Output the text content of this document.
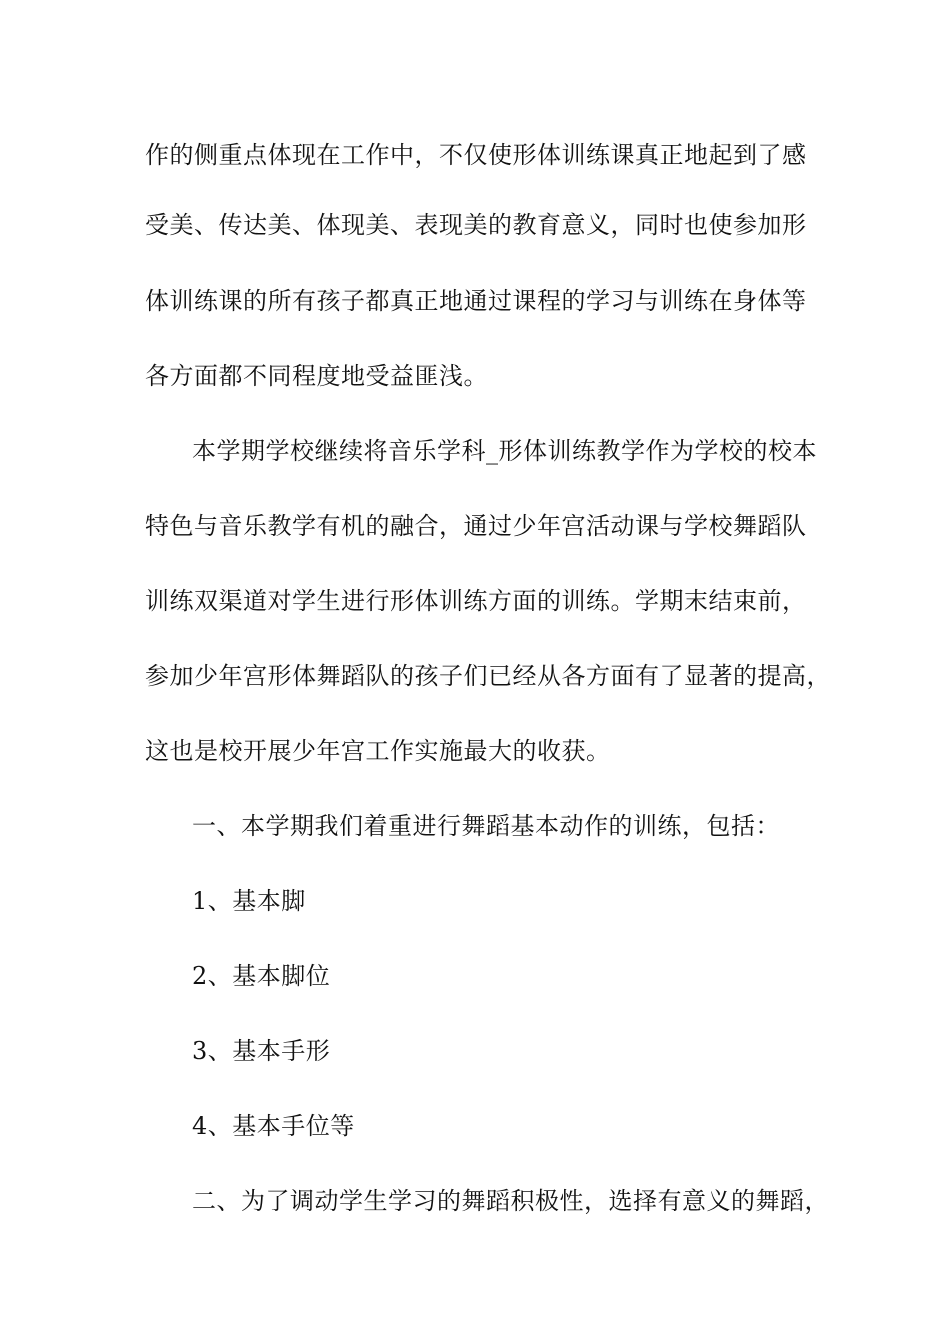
作的侧重点体现在工作中，不仅使形体训练课真正地起到了感
受美、传达美、体现美、表现美的教育意义，同时也使参加形
体训练课的所有孩子都真正地通过课程的学习与训练在身体等
各方面都不同程度地受益匪浅。
本学期学校继续将音乐学科_形体训练教学作为学校的校本
特色与音乐教学有机的融合，通过少年宫活动课与学校舞蹈队
训练双渠道对学生进行形体训练方面的训练。学期末结束前，
参加少年宫形体舞蹈队的孩子们已经从各方面有了显著的提高，
这也是校开展少年宫工作实施最大的收获。
一、本学期我们着重进行舞蹈基本动作的训练，包括：
1、基本脚
2、基本脚位
3、基本手形
4、基本手位等
二、为了调动学生学习的舞蹈积极性，选择有意义的舞蹈，
